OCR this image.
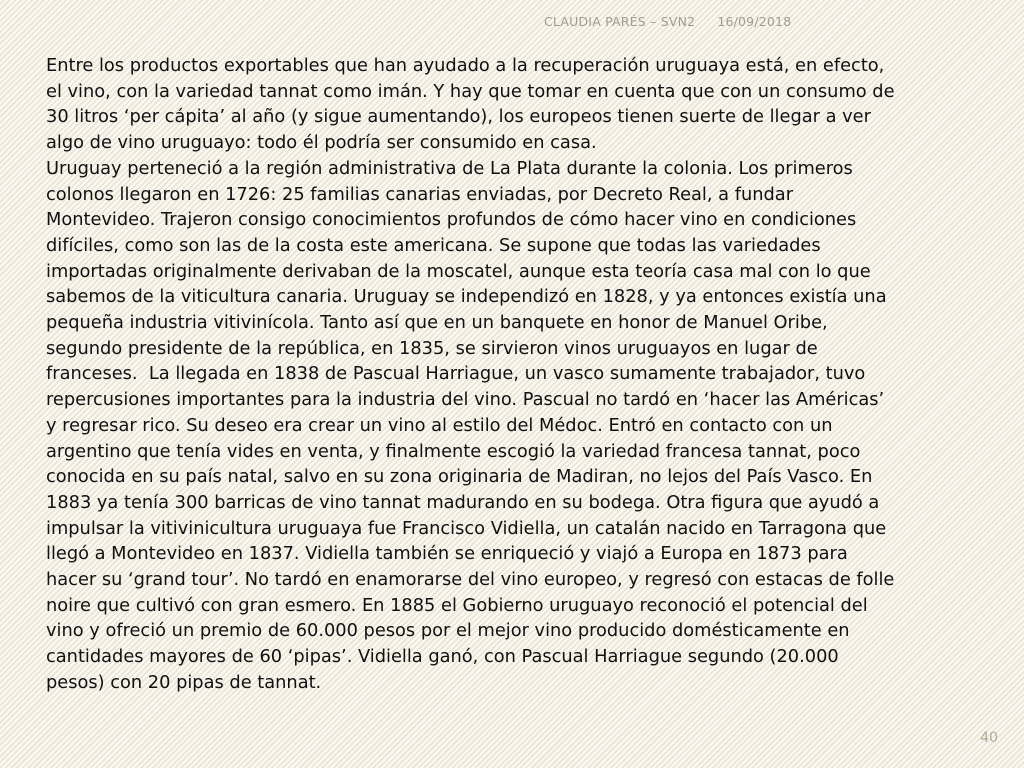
CLAUDIA PARÉS – SVN2 16/09/2018

Entre los productos exportables que han ayudado a la recuperación uruguaya está, en efecto,
el vino, con la variedad tannat como imán. Y hay que tomar en cuenta que con un consumo de
30 litros ‘per cápita’ al año (y sigue aumentando), los europeos tienen suerte de llegar a ver
algo de vino uruguayo: todo él podría ser consumido en casa.
Uruguay perteneció a la región administrativa de La Plata durante la colonia. Los primeros
colonos llegaron en 1726: 25 familias canarias enviadas, por Decreto Real, a fundar
Montevideo. Trajeron consigo conocimientos profundos de cómo hacer vino en condiciones
difíciles, como son las de la costa este americana. Se supone que todas las variedades
importadas originalmente derivaban de la moscatel, aunque esta teoría casa mal con lo que
sabemos de la viticultura canaria. Uruguay se independizó en 1828, y ya entonces existía una
pequeña industria vitivinícola. Tanto así que en un banquete en honor de Manuel Oribe,
segundo presidente de la república, en 1835, se sirvieron vinos uruguayos en lugar de
franceses.  La llegada en 1838 de Pascual Harriague, un vasco sumamente trabajador, tuvo
repercusiones importantes para la industria del vino. Pascual no tardó en ‘hacer las Américas’
y regresar rico. Su deseo era crear un vino al estilo del Médoc. Entró en contacto con un
argentino que tenía vides en venta, y finalmente escogió la variedad francesa tannat, poco
conocida en su país natal, salvo en su zona originaria de Madiran, no lejos del País Vasco. En
1883 ya tenía 300 barricas de vino tannat madurando en su bodega. Otra figura que ayudó a
impulsar la vitivinicultura uruguaya fue Francisco Vidiella, un catalán nacido en Tarragona que
llegó a Montevideo en 1837. Vidiella también se enriqueció y viajó a Europa en 1873 para
hacer su ‘grand tour’. No tardó en enamorarse del vino europeo, y regresó con estacas de folle
noire que cultivó con gran esmero. En 1885 el Gobierno uruguayo reconoció el potencial del
vino y ofreció un premio de 60.000 pesos por el mejor vino producido domésticamente en
cantidades mayores de 60 ‘pipas’. Vidiella ganó, con Pascual Harriague segundo (20.000
pesos) con 20 pipas de tannat.

40
